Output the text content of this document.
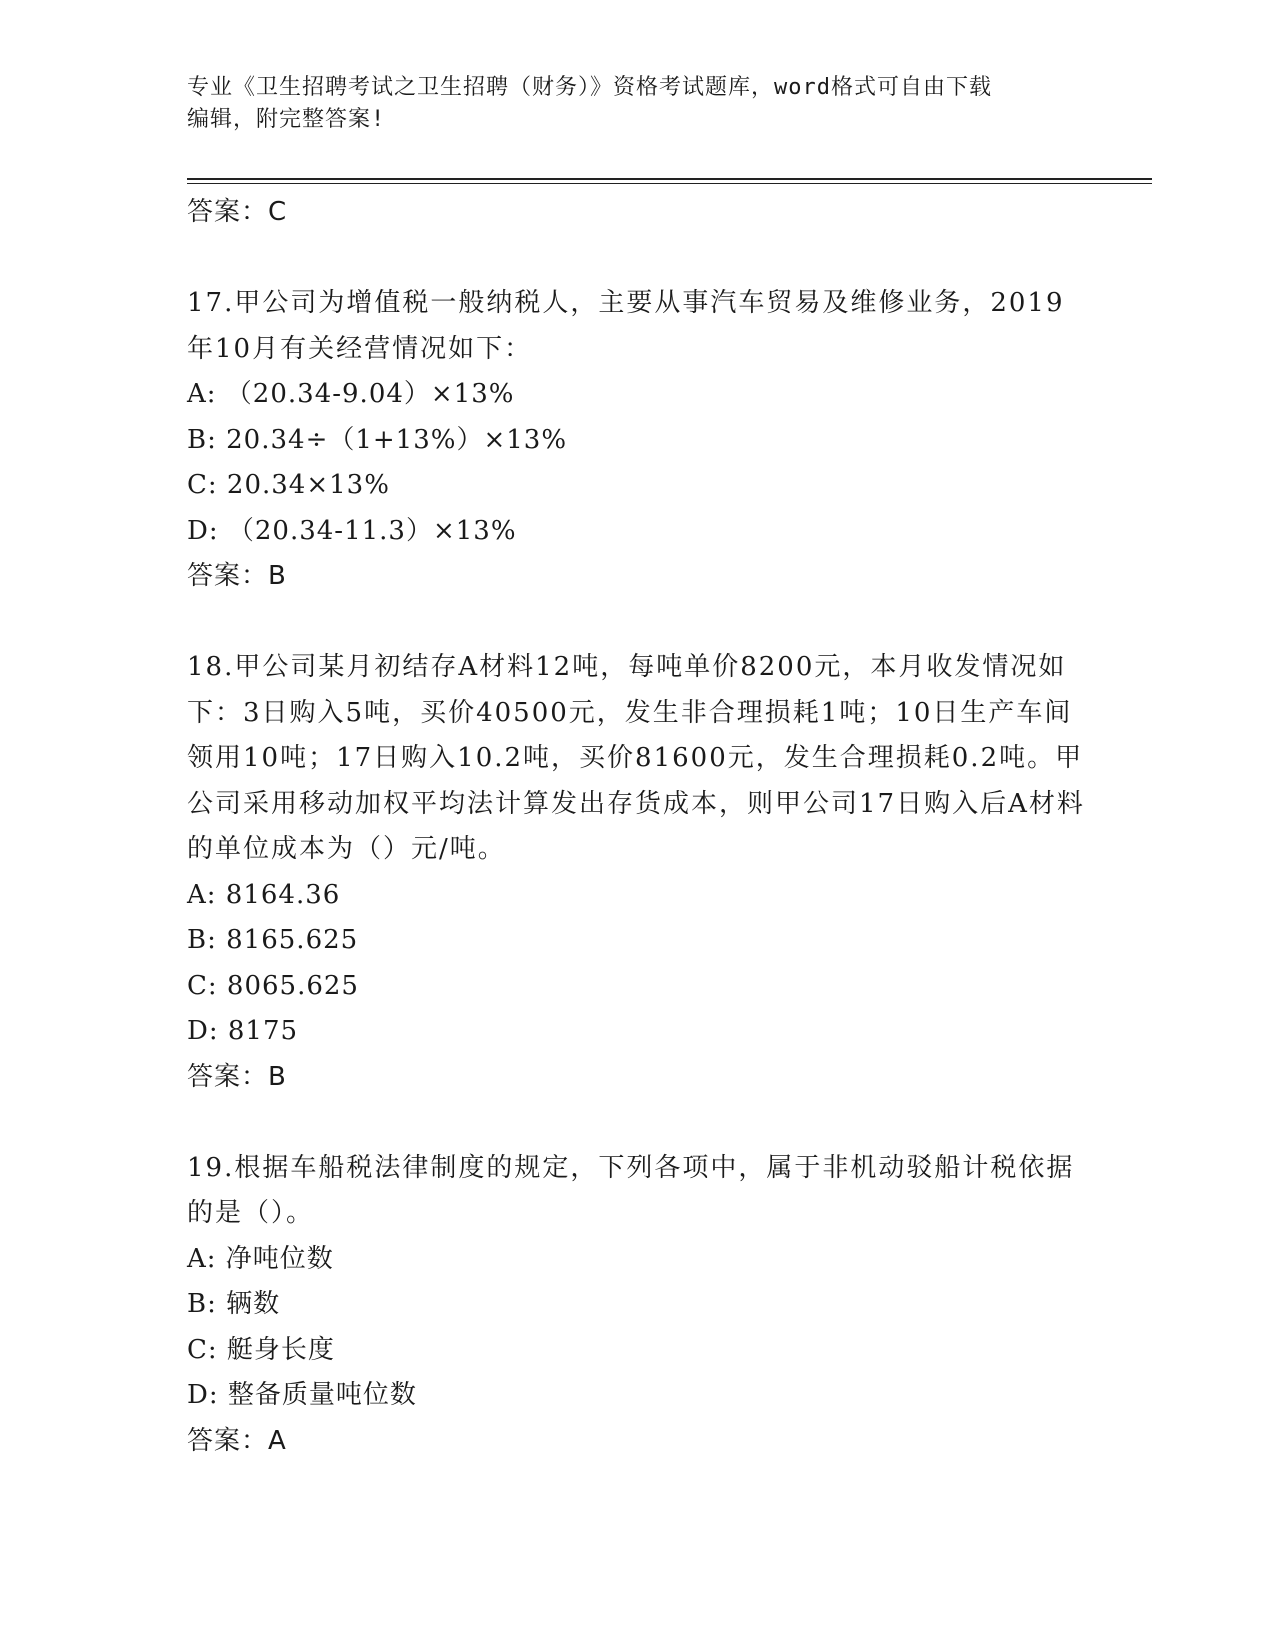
专业《卫生招聘考试之卫生招聘（财务）》资格考试题库，word格式可自由下载
编辑，附完整答案!
答案：C
17.甲公司为增值税一般纳税人，主要从事汽车贸易及维修业务，2019年10月有关经营情况如下：
A: （20.34-9.04）×13%
B: 20.34÷（1+13%）×13%
C: 20.34×13%
D: （20.34-11.3）×13%
答案：B
18.甲公司某月初结存A材料12吨，每吨单价8200元，本月收发情况如下：3日购入5吨，买价40500元，发生非合理损耗1吨；10日生产车间领用10吨；17日购入10.2吨，买价81600元，发生合理损耗0.2吨。甲公司采用移动加权平均法计算发出存货成本，则甲公司17日购入后A材料的单位成本为（）元/吨。
A: 8164.36
B: 8165.625
C: 8065.625
D: 8175
答案：B
19.根据车船税法律制度的规定，下列各项中，属于非机动驳船计税依据的是（）。
A: 净吨位数
B: 辆数
C: 艇身长度
D: 整备质量吨位数
答案：A
